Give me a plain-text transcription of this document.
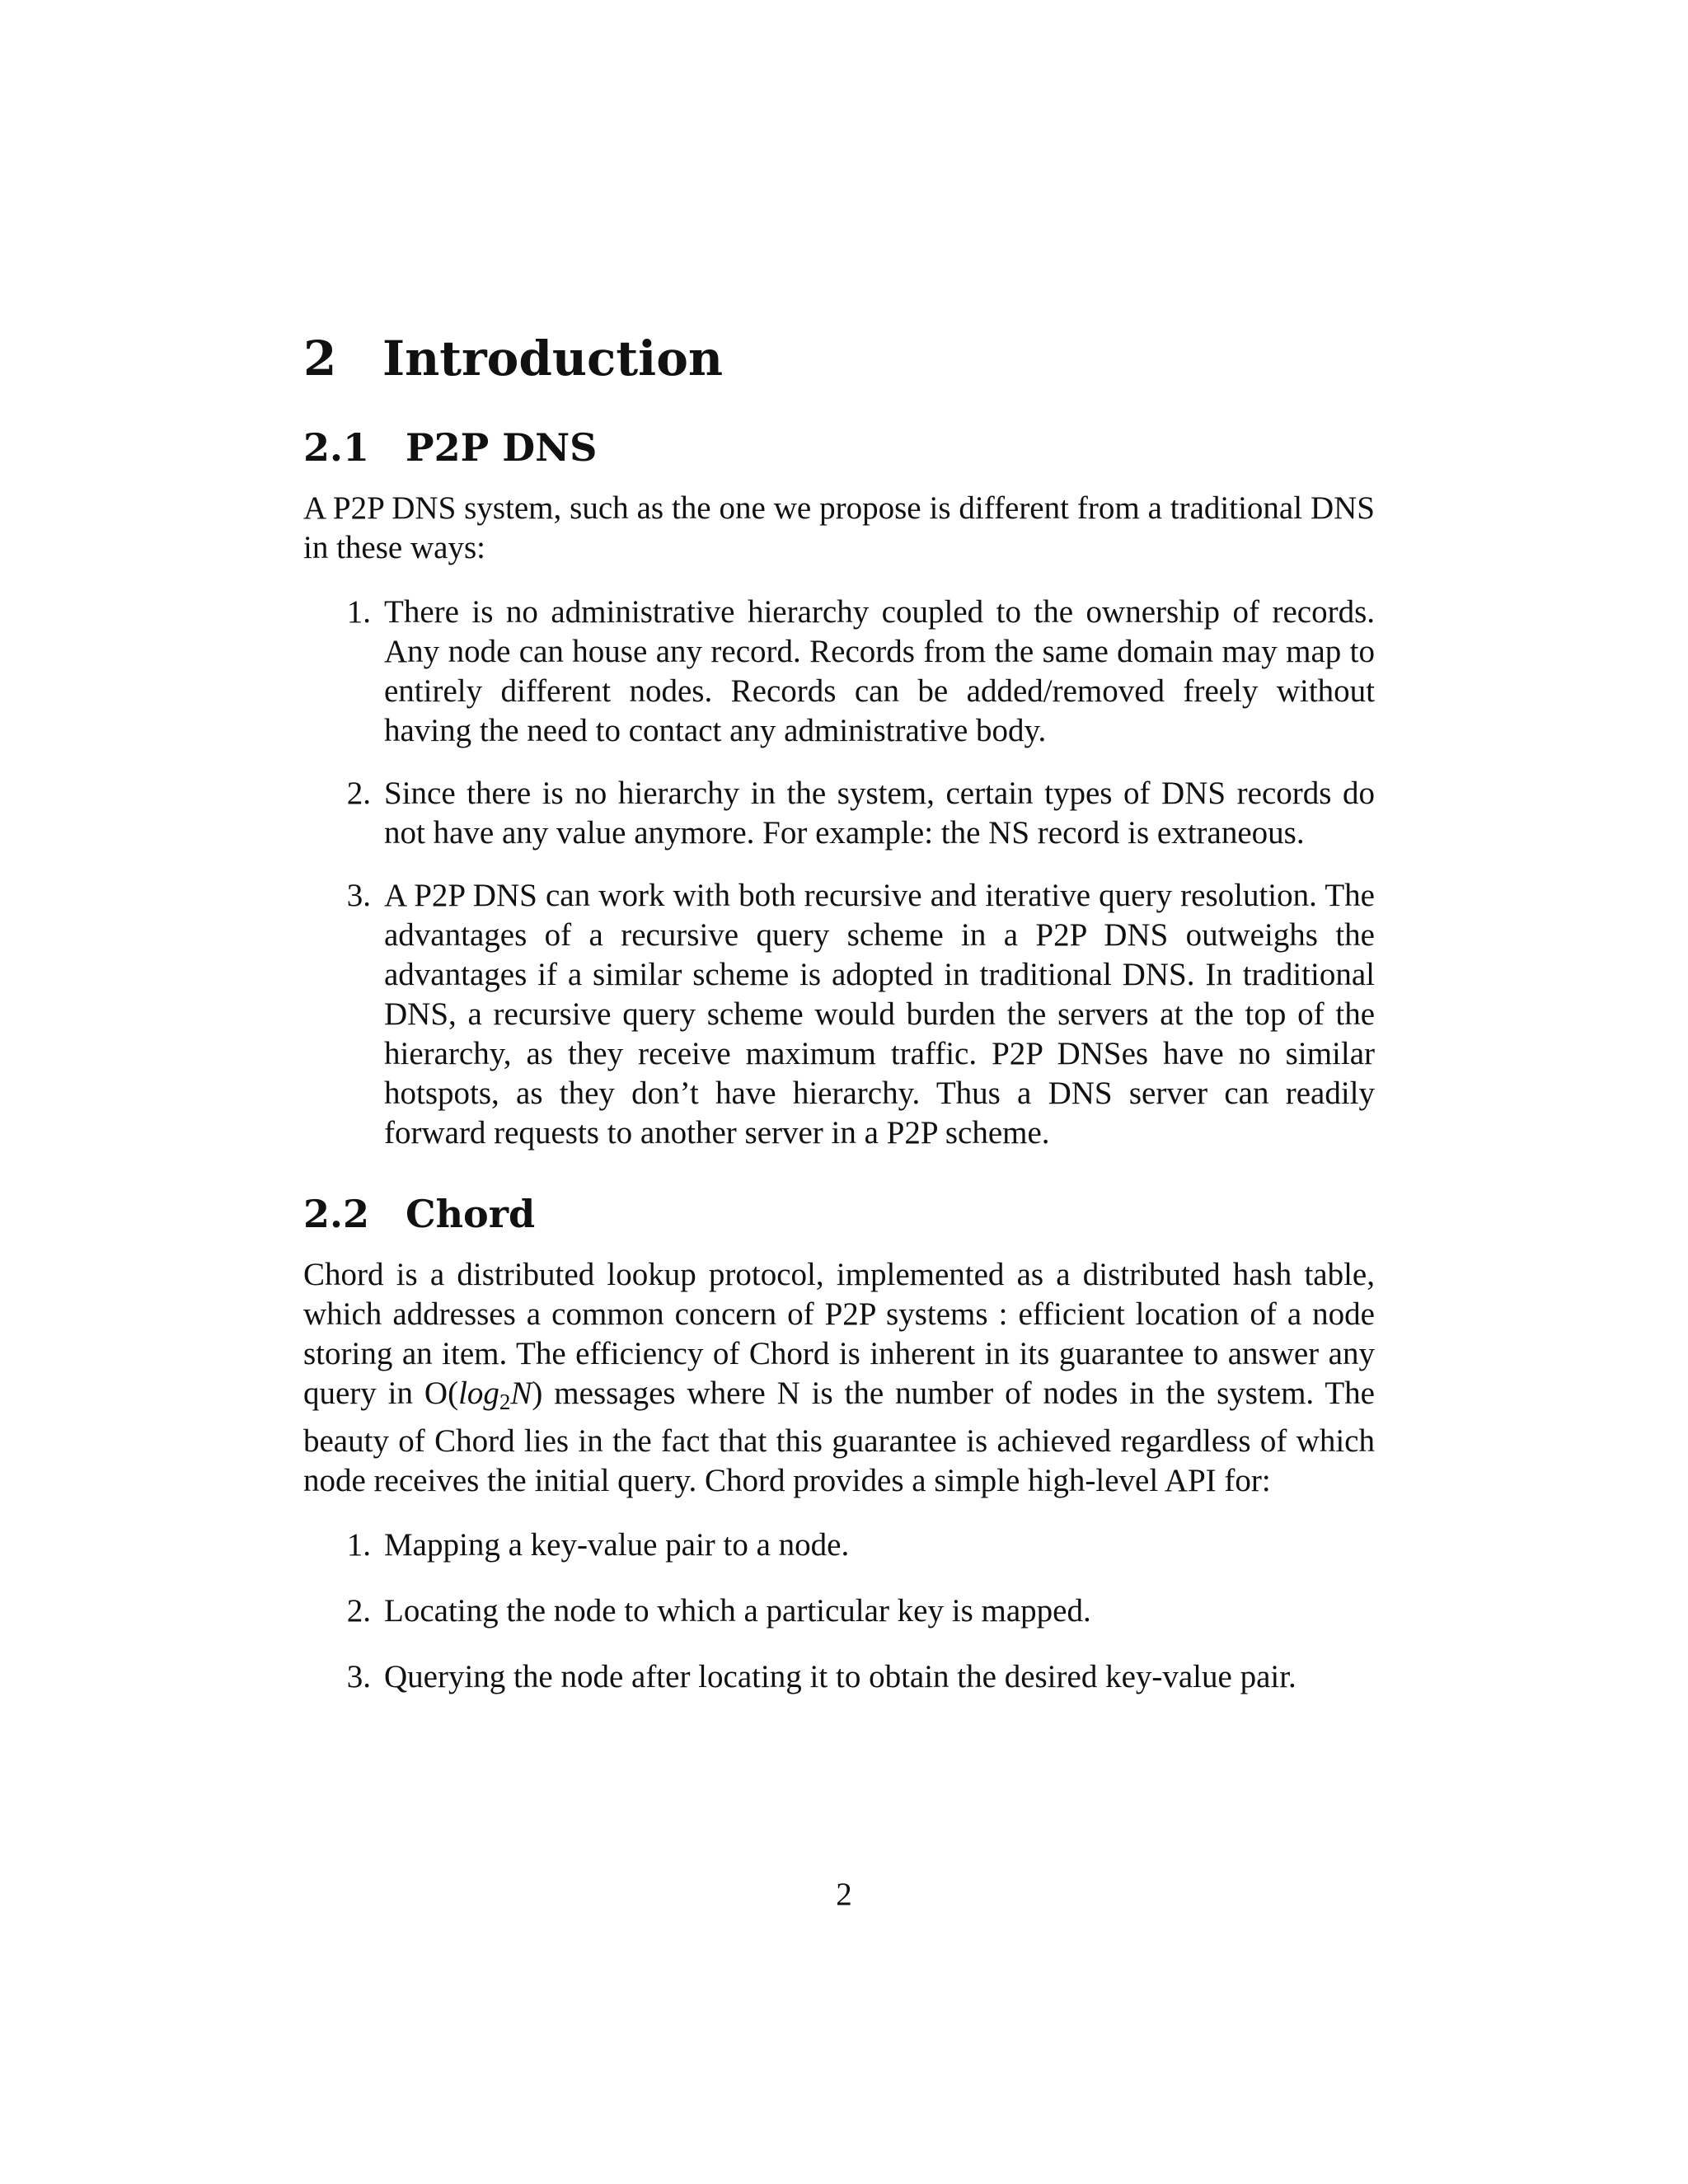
2 Introduction
2.1 P2P DNS

A P2P DNS system, such as the one we propose is different from a traditional DNS in these ways:

1. There is no administrative hierarchy coupled to the ownership of records. Any node can house any record. Records from the same domain may map to entirely different nodes. Records can be added/removed freely without having the need to contact any administrative body.
2. Since there is no hierarchy in the system, certain types of DNS records do not have any value anymore. For example: the NS record is extraneous.
3. A P2P DNS can work with both recursive and iterative query resolution. The advantages of a recursive query scheme in a P2P DNS outweighs the advantages if a similar scheme is adopted in traditional DNS. In traditional DNS, a recursive query scheme would burden the servers at the top of the hierarchy, as they receive maximum traffic. P2P DNSes have no similar hotspots, as they don’t have hierarchy. Thus a DNS server can readily forward requests to another server in a P2P scheme.
2.2 Chord

Chord is a distributed lookup protocol, implemented as a distributed hash table, which addresses a common concern of P2P systems : efficient location of a node storing an item. The efficiency of Chord is inherent in its guarantee to answer any query in O(log2N) messages where N is the number of nodes in the system. The beauty of Chord lies in the fact that this guarantee is achieved regardless of which node receives the initial query. Chord provides a simple high-level API for:

1. Mapping a key-value pair to a node.
2. Locating the node to which a particular key is mapped.
3. Querying the node after locating it to obtain the desired key-value pair.
2
